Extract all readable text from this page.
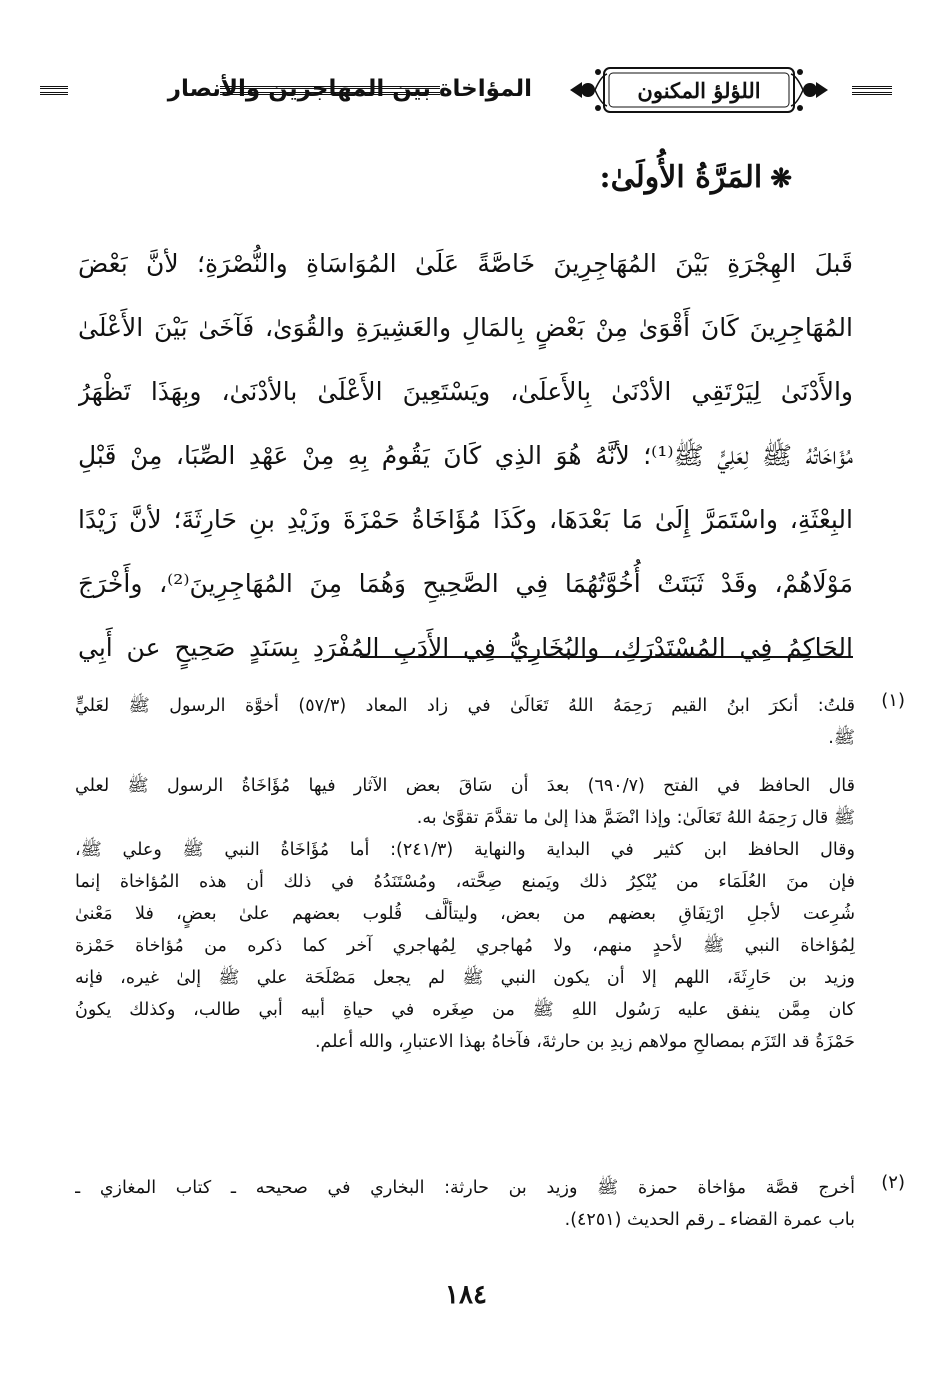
المؤاخاة بين المهاجرين والأنصار	اللؤلؤ المكنون
❋المَرَّةُ الأُولَىٰ:
قَبلَ الهِجْرَةِ بَيْنَ المُهَاجِرِينَ خَاصَّةً عَلَىٰ المُوَاسَاةِ والنُّصْرَةِ؛ لأنَّ بَعْضَ
المُهَاجِرِينَ كَانَ أَقْوَىٰ مِنْ بَعْضٍ بِالمَالِ والعَشِيرَةِ والقُوَىٰ، فَآخَىٰ بَيْنَ الأَعْلَىٰ
والأَدْنَىٰ لِيَرْتَقِي الأدْنَىٰ بِالأَعلَىٰ، ويَسْتَعِينَ الأَعْلَىٰ بالأدْنَىٰ، وبِهَذَا تَظْهَرُ
مُؤَاخَاتُهُ ﷺ لِعَلِيٍّ ﷺ⁽¹⁾؛ لأنَّهُ هُوَ الذِي كَانَ يَقُومُ بِهِ مِنْ عَهْدِ الصِّبَا، مِنْ قَبْلِ
البِعْثَةِ، واسْتَمَرَّ إِلَىٰ مَا بَعْدَهَا، وكَذَا مُؤَاخَاةُ حَمْزَةَ وزَيْدِ بنِ حَارِثَةَ؛ لأنَّ زَيْدًا
مَوْلَاهُمْ، وقَدْ ثَبَتَتْ أُخُوَّتُهُمَا فِي الصَّحِيحِ وَهُمَا مِنَ المُهَاجِرِينَ⁽²⁾، وأَخْرَجَ
الحَاكِمُ فِي المُسْتَدْرَكِ، والبُخَارِيُّ فِي الأَدَبِ المُفْرَدِ بِسَنَدٍ صَحِيحٍ عن أَبِي
(١)
قلتُ: أنكرَ ابنُ القيم رَحِمَهُ اللهُ تَعَالَىٰ في زاد المعاد (٥٧/٣) أخوَّة الرسول ﷺ لعَليٍّ
ﷺ.
قال الحافظ في الفتح (٦٩٠/٧) بعدَ أن سَاقَ بعض الآثار فيها مُؤَاخَاةُ الرسول ﷺ لعلي
ﷺ قال رَحِمَهُ اللهُ تَعَالَىٰ: وإذا انْضَمَّ هذا إلىٰ ما تقدَّمَ تقوَّىٰ به.
وقال الحافظ ابن كثير في البداية والنهاية (٢٤١/٣): أما مُؤَاخَاةُ النبي ﷺ وعلي ﷺ،
فإن منَ العُلَمَاء من يُنْكِرُ ذلك ويَمنع صِحَّته، ومُسْتَنَدُهُ في ذلك أن هذه المُؤاخاة إنما
شُرِعت لأجلِ ارْتِفَاقِ بعضهم من بعض، وليتألَّف قُلوب بعضهم علىٰ بعضٍ، فلا مَعْنىٰ
لِمُؤاخاة النبي ﷺ لأحدٍ منهم، ولا مُهاجري لِمُهاجري آخر كما ذكره من مُؤاخاة حَمْزة
وزيد بن حَارِثَةَ، اللهم إلا أن يكون النبي ﷺ لم يجعل مَصْلَحَة علي ﷺ إلىٰ غيره، فإنه
كان مِمَّن ينفق عليه رَسُول اللهِ ﷺ من صِغَره في حياةِ أبيه أبي طالب، وكذلك يكونُ
حَمْزَةُ قد التَزَم بمصالحِ مولاهم زيدِ بن حارثةَ، فآخاهُ بهذا الاعتبارِ، والله أعلم.
(٢)
أخرج قصَّة مؤاخاة حمزة ﷺ وزيد بن حارثة: البخاري في صحيحه ـ كتاب المغازي ـ
باب عمرة القضاء ـ رقم الحديث (٤٢٥١).
١٨٤
